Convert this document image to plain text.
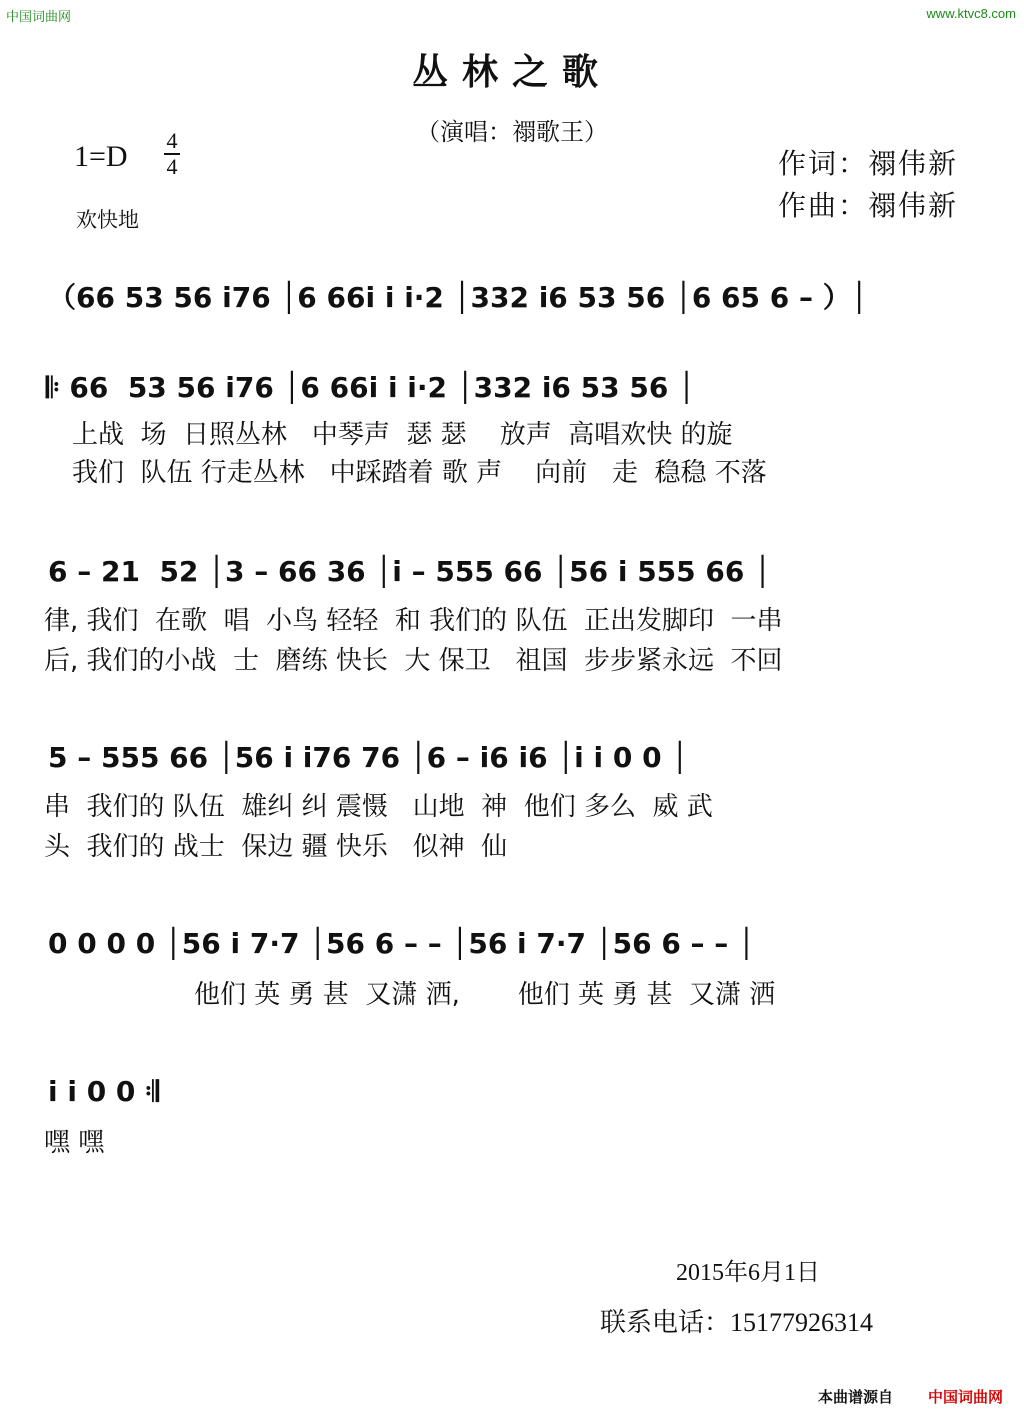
中国词曲网	www.ktvc8.com
丛林之歌
（演唱：禤歌王）
1=D 4
4
欢快地
作词：禤伟新
作曲：禤伟新
（66 53 56 i76 │6 66i i i·2 │332 i6 53 56 │6 65 6 – ）│
𝄆 66  53 56 i76 │6 66i i i·2 │332 i6 53 56 │
上战  场  日照丛林   中琴声  瑟 瑟    放声  高唱欢快 的旋
我们  队伍 行走丛林   中踩踏着 歌 声    向前   走  稳稳 不落
6 – 21  52 │3 – 66 36 │i – 555 66 │56 i 555 66 │
律, 我们  在歌  唱  小鸟 轻轻  和 我们的 队伍  正出发脚印  一串
后, 我们的小战  士  磨练 快长  大 保卫   祖国  步步紧永远  不回
5 – 555 66 │56 i i76 76 │6 – i6 i6 │i i 0 0 │
串  我们的 队伍  雄纠 纠 震慑   山地  神  他们 多么  威 武
头  我们的 战士  保边 疆 快乐   似神  仙
0 0 0 0 │56 i 7·7 │56 6 – – │56 i 7·7 │56 6 – – │
他们 英 勇 甚  又潇 洒,       他们 英 勇 甚  又潇 洒
i i 0 0 𝄇
嘿 嘿
2015年6月1日
联系电话：15177926314
本曲谱源自 中国词曲网
